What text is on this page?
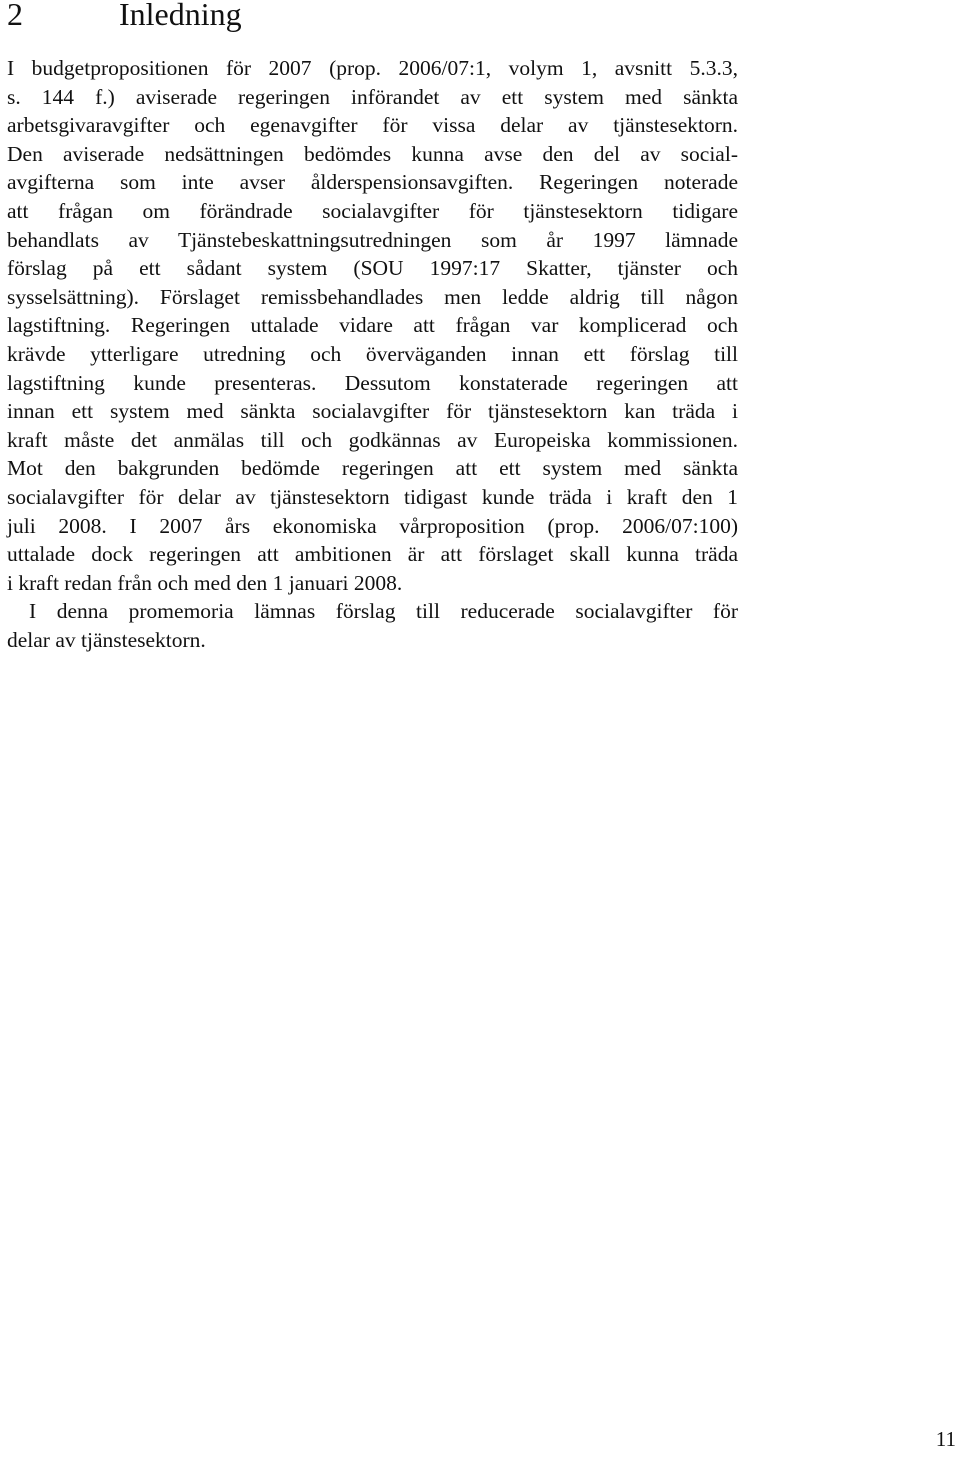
2	Inledning
I budgetpropositionen för 2007 (prop. 2006/07:1, volym 1, avsnitt 5.3.3,
s. 144 f.) aviserade regeringen införandet av ett system med sänkta
arbetsgivaravgifter och egenavgifter för vissa delar av tjänstesektorn.
Den aviserade nedsättningen bedömdes kunna avse den del av social-
avgifterna som inte avser ålderspensionsavgiften. Regeringen noterade
att frågan om förändrade socialavgifter för tjänstesektorn tidigare
behandlats av Tjänstebeskattningsutredningen som år 1997 lämnade
förslag på ett sådant system (SOU 1997:17 Skatter, tjänster och
sysselsättning). Förslaget remissbehandlades men ledde aldrig till någon
lagstiftning. Regeringen uttalade vidare att frågan var komplicerad och
krävde ytterligare utredning och överväganden innan ett förslag till
lagstiftning kunde presenteras. Dessutom konstaterade regeringen att
innan ett system med sänkta socialavgifter för tjänstesektorn kan träda i
kraft måste det anmälas till och godkännas av Europeiska kommissionen.
Mot den bakgrunden bedömde regeringen att ett system med sänkta
socialavgifter för delar av tjänstesektorn tidigast kunde träda i kraft den 1
juli 2008. I 2007 års ekonomiska vårproposition (prop. 2006/07:100)
uttalade dock regeringen att ambitionen är att förslaget skall kunna träda
i kraft redan från och med den 1 januari 2008.
I denna promemoria lämnas förslag till reducerade socialavgifter för
delar av tjänstesektorn.
11
